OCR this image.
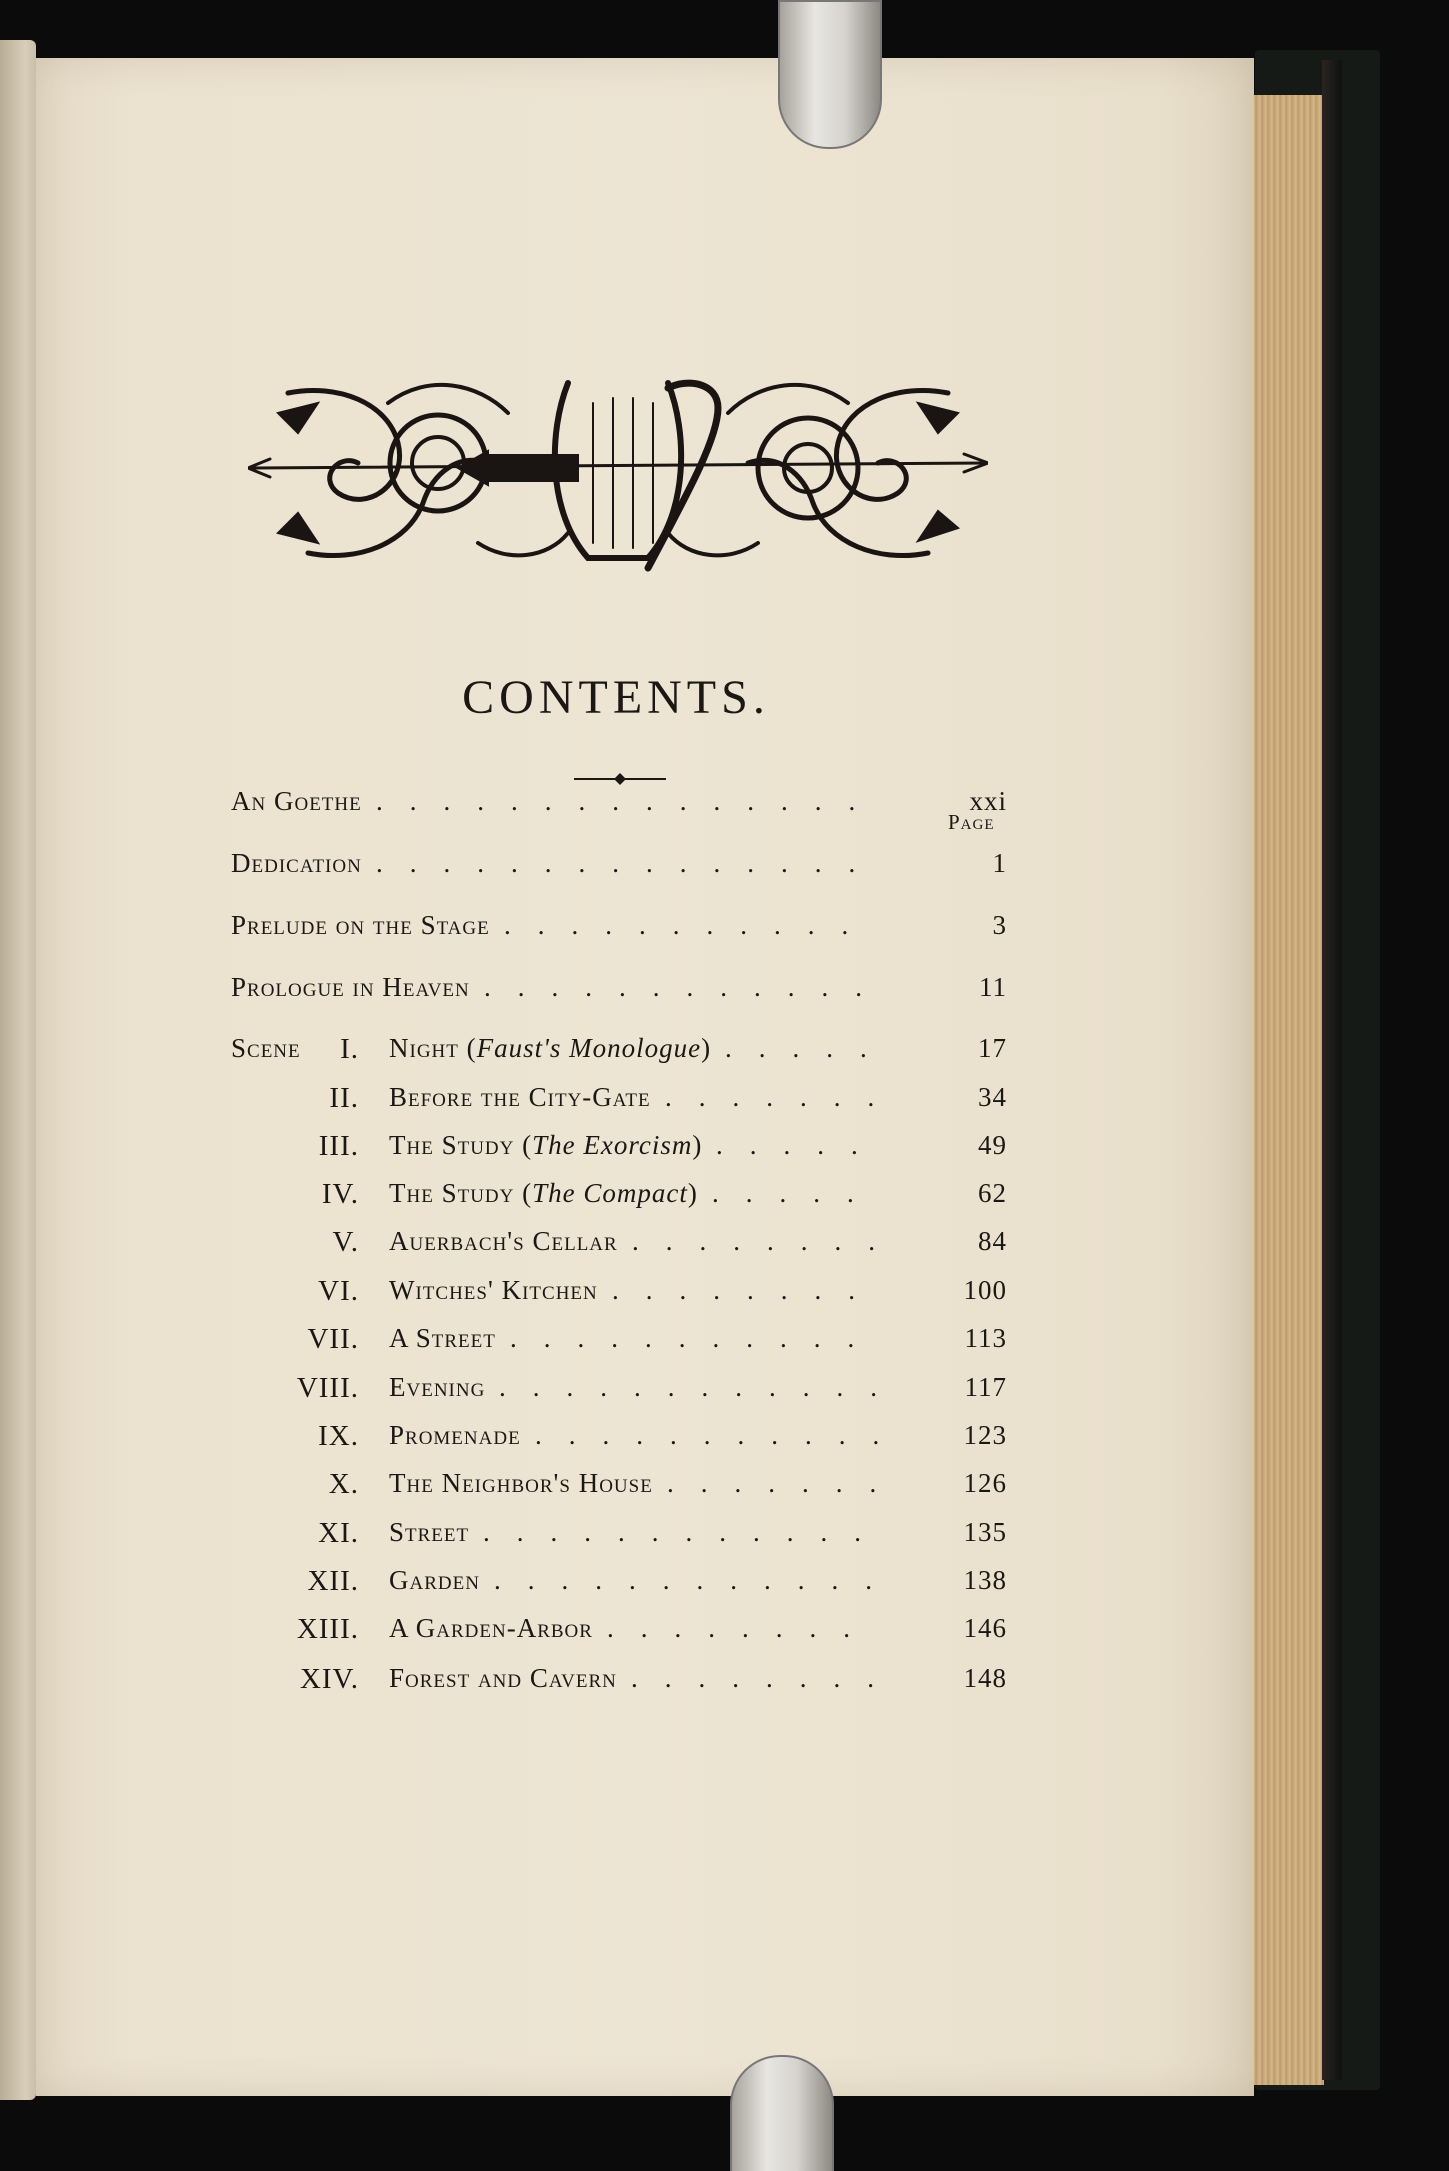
CONTENTS.
Page
An Goethe	xxi
...............
Dedication	1
...............
Prelude on the Stage	3
...........
Prologue in Heaven	11
............
Scene	I. Night (Faust's Monologue)	17
.....
II. Before the City-Gate	34
.......
III. The Study (The Exorcism)	49
.....
IV. The Study (The Compact)	62
.....
V. Auerbach's Cellar	84
........
VI. Witches' Kitchen	100
........
VII. A Street	113
...........
VIII. Evening	117
............
IX. Promenade	123
...........
X. The Neighbor's House	126
.......
XI. Street	135
............
XII. Garden	138
............
XIII. A Garden-Arbor	146
........
XIV. Forest and Cavern	148
........
